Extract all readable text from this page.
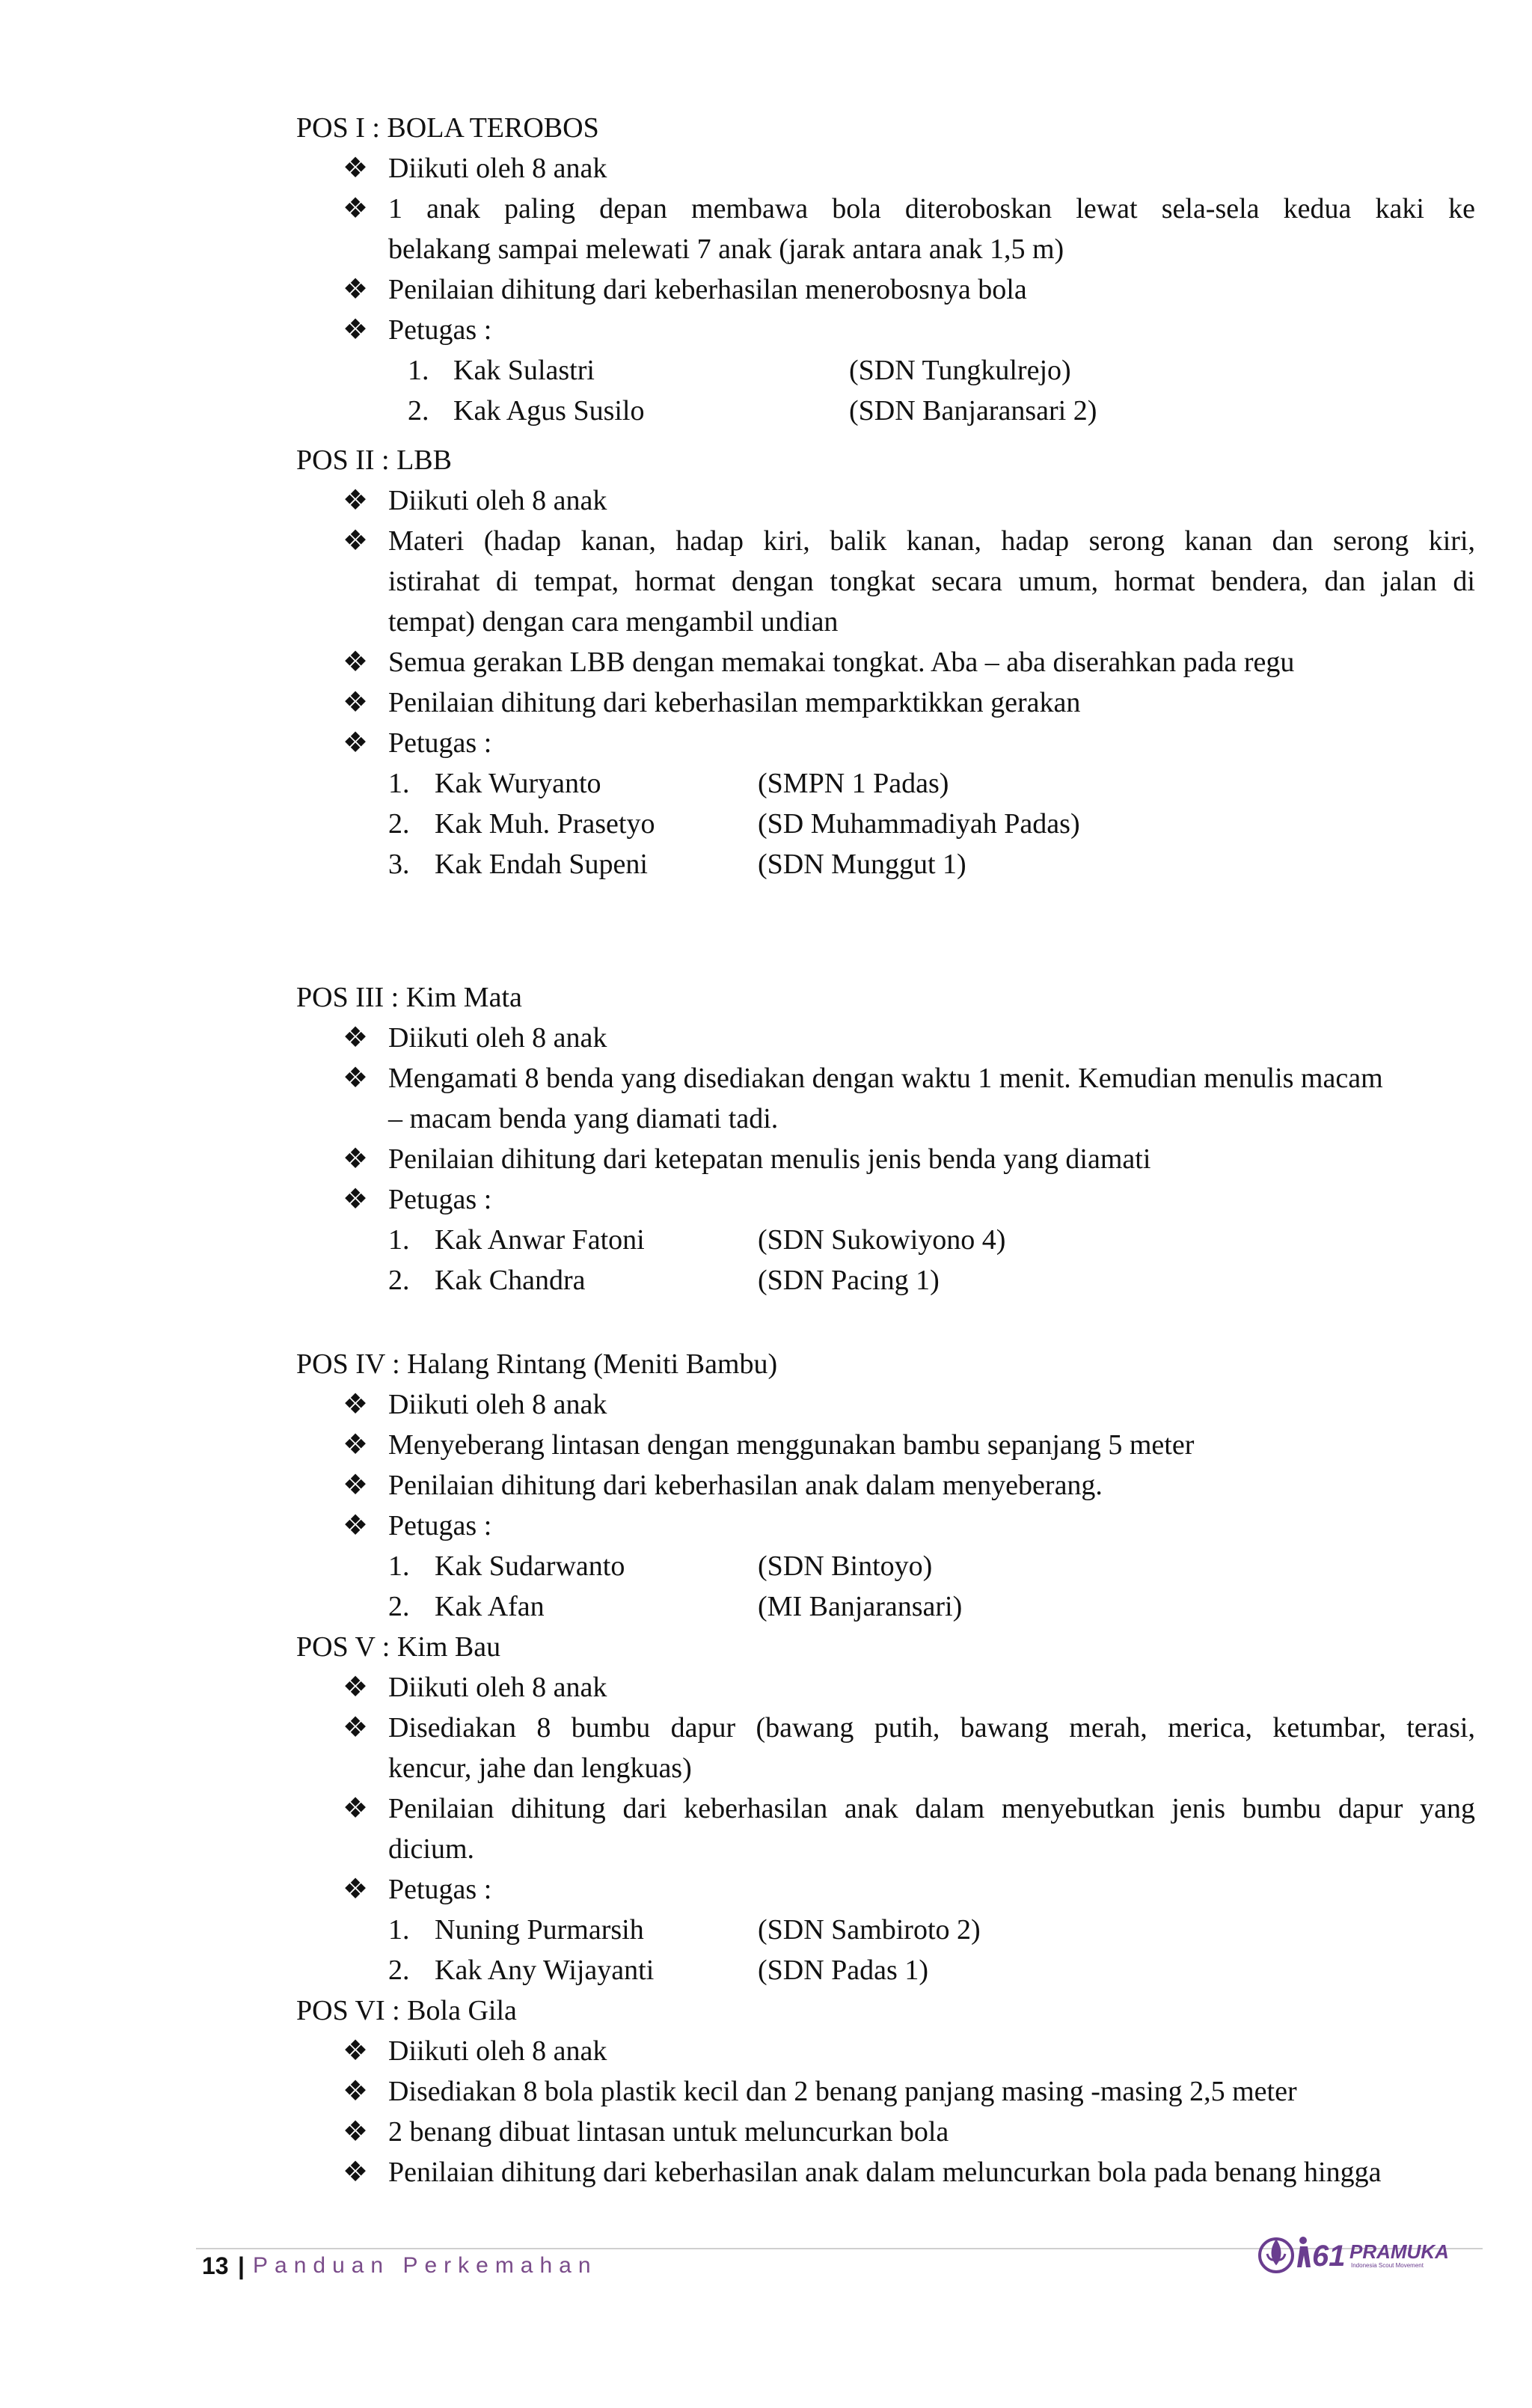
POS I : BOLA TEROBOS
❖ Diikuti oleh 8 anak
❖ 1 anak paling depan membawa bola diteroboskan lewat sela-sela kedua kaki ke
belakang sampai melewati 7 anak (jarak antara anak 1,5 m)
❖ Penilaian dihitung dari keberhasilan menerobosnya bola
❖ Petugas :
1. Kak Sulastri	(SDN Tungkulrejo)
2. Kak Agus Susilo	(SDN Banjaransari 2)
POS II : LBB
❖ Diikuti oleh 8 anak
❖ Materi (hadap kanan, hadap kiri, balik kanan, hadap serong kanan dan serong kiri,
istirahat di tempat, hormat dengan tongkat secara umum, hormat bendera, dan jalan di
tempat) dengan cara mengambil undian
❖ Semua gerakan LBB dengan memakai tongkat. Aba – aba diserahkan pada regu
❖ Penilaian dihitung dari keberhasilan memparktikkan gerakan
❖ Petugas :
1. Kak Wuryanto	(SMPN 1 Padas)
2. Kak Muh. Prasetyo	(SD Muhammadiyah Padas)
3. Kak Endah Supeni	(SDN Munggut 1)
POS III : Kim Mata
❖ Diikuti oleh 8 anak
❖ Mengamati 8 benda yang disediakan dengan waktu 1 menit. Kemudian menulis macam
– macam benda yang diamati tadi.
❖ Penilaian dihitung dari ketepatan menulis jenis benda yang diamati
❖ Petugas :
1. Kak Anwar Fatoni	(SDN Sukowiyono 4)
2. Kak Chandra	(SDN Pacing 1)
POS IV : Halang Rintang (Meniti Bambu)
❖ Diikuti oleh 8 anak
❖ Menyeberang lintasan dengan menggunakan bambu sepanjang 5 meter
❖ Penilaian dihitung dari keberhasilan anak dalam menyeberang.
❖ Petugas :
1. Kak Sudarwanto	(SDN Bintoyo)
2. Kak Afan	(MI Banjaransari)
POS V : Kim Bau
❖ Diikuti oleh 8 anak
❖ Disediakan 8 bumbu dapur (bawang putih, bawang merah, merica, ketumbar, terasi,
kencur, jahe dan lengkuas)
❖ Penilaian dihitung dari keberhasilan anak dalam menyebutkan jenis bumbu dapur yang
dicium.
❖ Petugas :
1. Nuning Purmarsih	(SDN Sambiroto 2)
2. Kak Any Wijayanti	(SDN Padas 1)
POS VI : Bola Gila
❖ Diikuti oleh 8 anak
❖ Disediakan 8 bola plastik kecil dan 2 benang panjang masing -masing 2,5 meter
❖ 2 benang dibuat lintasan untuk meluncurkan bola
❖ Penilaian dihitung dari keberhasilan anak dalam meluncurkan bola pada benang hingga
13 | Panduan Perkemahan	61 PRAMUKA
Indonesia Scout Movement
